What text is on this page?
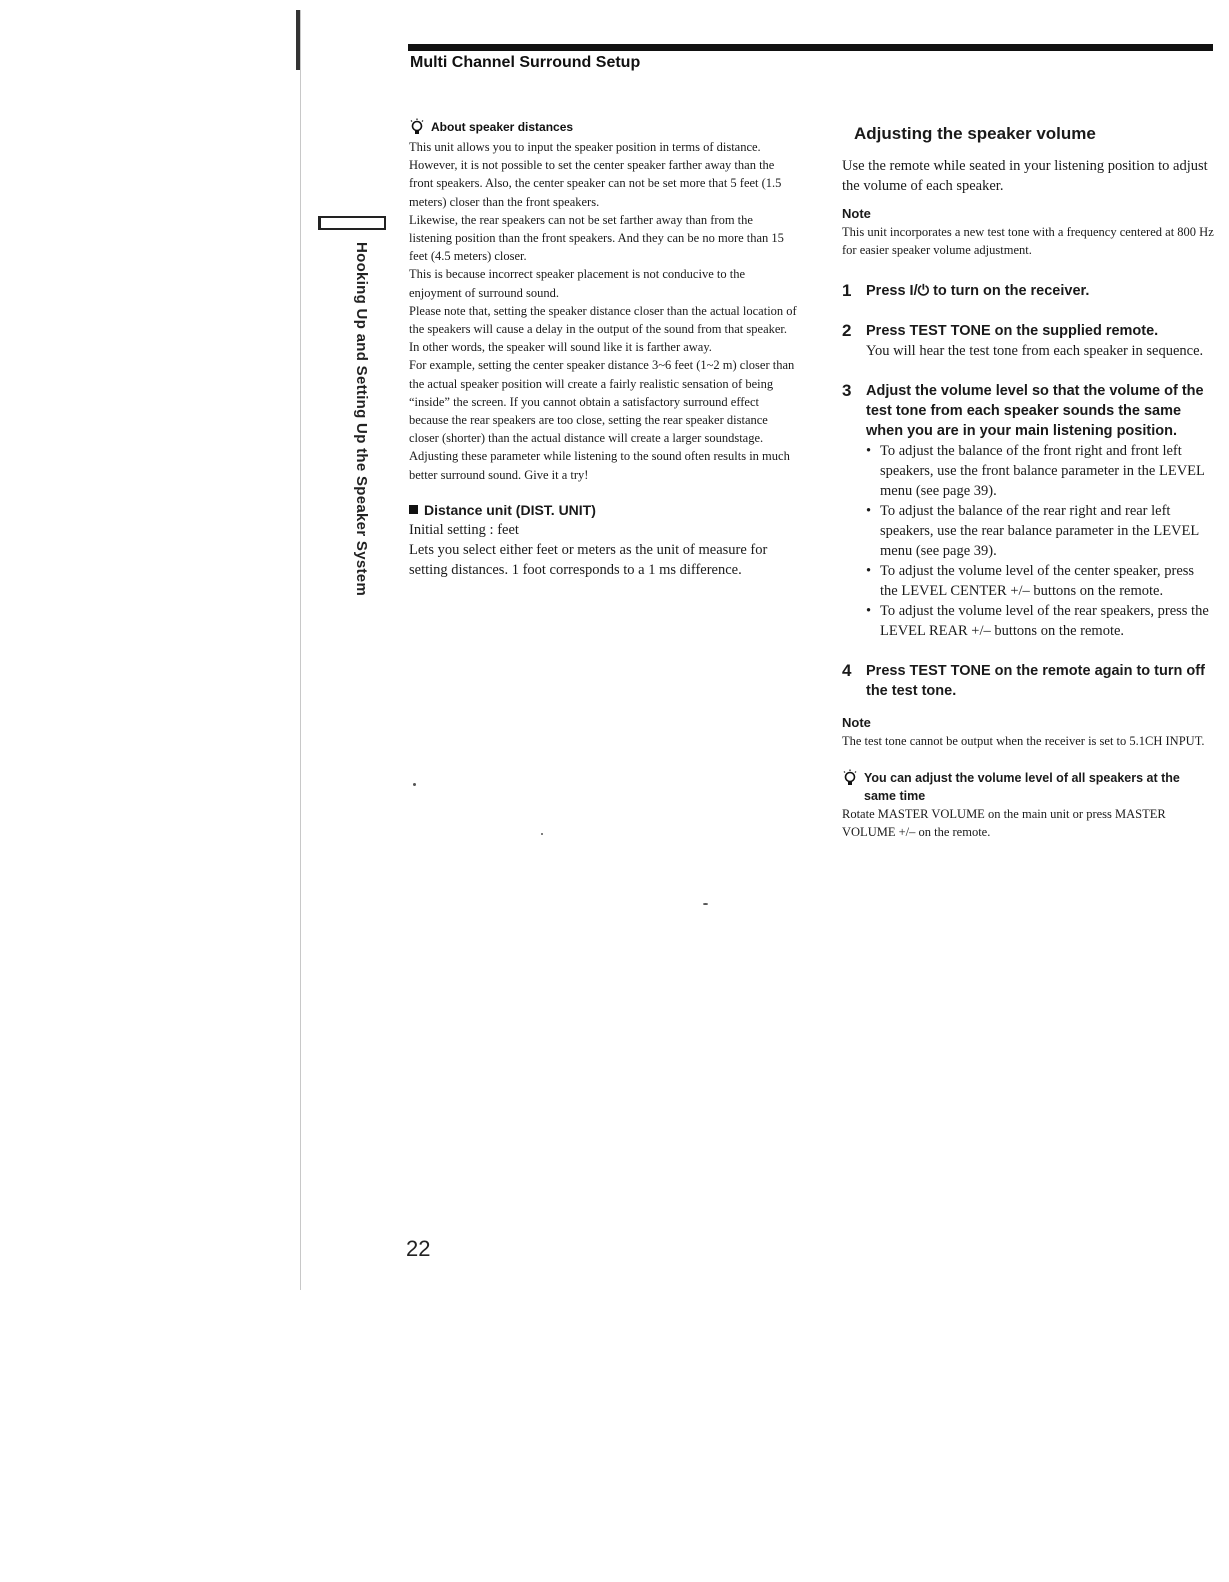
Hooking Up and Setting Up the Speaker System
Multi Channel Surround Setup
About speaker distances

This unit allows you to input the speaker position in terms of distance. However, it is not possible to set the center speaker farther away than the front speakers. Also, the center speaker can not be set more that 5 feet (1.5 meters) closer than the front speakers.

Likewise, the rear speakers can not be set farther away than from the listening position than the front speakers. And they can be no more than 15 feet (4.5 meters) closer.

This is because incorrect speaker placement is not conducive to the enjoyment of surround sound.

Please note that, setting the speaker distance closer than the actual location of the speakers will cause a delay in the output of the sound from that speaker. In other words, the speaker will sound like it is farther away.

For example, setting the center speaker distance 3~6 feet (1~2 m) closer than the actual speaker position will create a fairly realistic sensation of being “inside” the screen. If you cannot obtain a satisfactory surround effect because the rear speakers are too close, setting the rear speaker distance closer (shorter) than the actual distance will create a larger soundstage.

Adjusting these parameter while listening to the sound often results in much better surround sound. Give it a try!

Distance unit (DIST. UNIT)

Initial setting : feet

Lets you select either feet or meters as the unit of measure for setting distances. 1 foot corresponds to a 1 ms difference.

Adjusting the speaker volume

Use the remote while seated in your listening position to adjust the volume of each speaker.

Note

This unit incorporates a new test tone with a frequency centered at 800 Hz for easier speaker volume adjustment.

1	Press I/⏻ to turn on the receiver.

2	Press TEST TONE on the supplied remote.

You will hear the test tone from each speaker in sequence.

3	Adjust the volume level so that the volume of the test tone from each speaker sounds the same when you are in your main listening position.

• To adjust the balance of the front right and front left speakers, use the front balance parameter in the LEVEL menu (see page 39).
• To adjust the balance of the rear right and rear left speakers, use the rear balance parameter in the LEVEL menu (see page 39).
• To adjust the volume level of the center speaker, press the LEVEL CENTER +/– buttons on the remote.
• To adjust the volume level of the rear speakers, press the LEVEL REAR +/– buttons on the remote.
4	Press TEST TONE on the remote again to turn off the test tone.

Note

The test tone cannot be output when the receiver is set to 5.1CH INPUT.

You can adjust the volume level of all speakers at the same time

Rotate MASTER VOLUME on the main unit or press MASTER VOLUME +/– on the remote.

22
